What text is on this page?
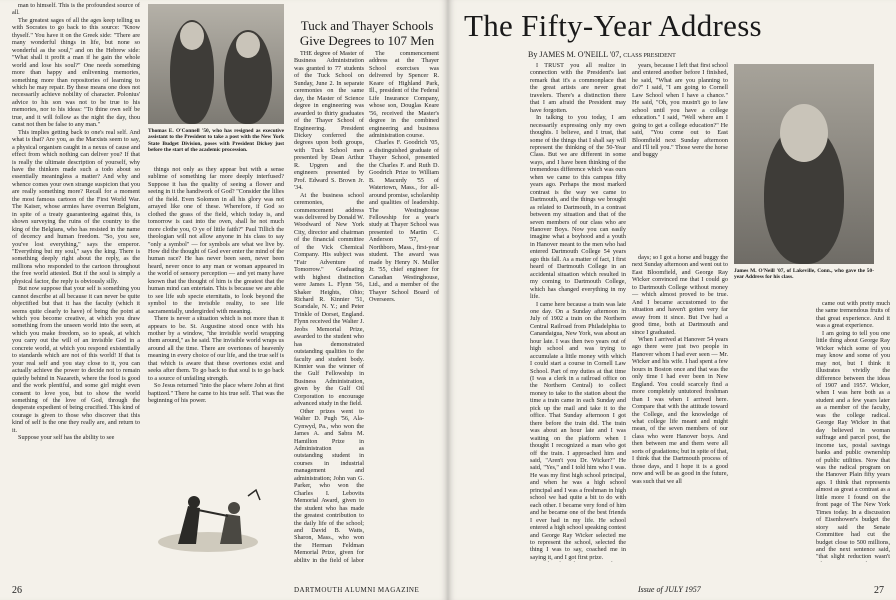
man to himself. This is the profoundest source of all.

The greatest sages of all the ages keep telling us with Socrates to go back to this source: "Know thyself." You have it on the Greek side: "There are many wonderful things in life, but none so wonderful as the soul," and on the Hebrew side: "What shall it profit a man if he gain the whole world and lose his soul?" One needs something more than happy and enlivening memories, something more than repositories of learning to which he may repair. By these means one does not necessarily achieve nobility of character. Polonius' advice to his son was not to be true to his memories, nor to his ideas: "To thine own self be true, and it will follow as the night the day, thou canst not then be false to any man."

This implies getting back to one's real self. And what is that? Are you, as the Marxists seem to say, a physical organism caught in a nexus of cause and effect from which nothing can deliver you? If that is really the ultimate description of yourself, why have the thinkers made such a todo about so essentially meaningless a matter? And why and whence comes your own strange suspicion that you are really something more? Recall for a moment the most famous cartoon of the First World War. The Kaiser, whose armies have overrun Belgium, in spite of a treaty guaranteeing against this, is shown surveying the ruins of the country to the king of the Belgians, who has resisted in the name of decency and human freedom. "So, you see, you've lost everything," says the emperor. "Everything but my soul," says the king. There is something deeply right about the reply, as the millions who responded to the cartoon throughout the free world attested. But if the soul is simply a physical factor, the reply is obviously silly.

But now suppose that your self is something you cannot describe at all because it can never be quite objectified but that it has the faculty (which it seems quite clearly to have) of being the point at which you become creative, at which you draw something from the unseen world into the seen, at which you make freedom, so to speak, at which you carry out the will of an invisible God in a concrete world, at which you respond existentially to standards which are not of this world! If that is your real self and you stay close to it, you can actually achieve the power to decide not to remain quietly behind in Nazareth, where the food is good and the work plentiful, and some girl might even consent to love you, but to show the world something of the love of God, through the desperate expedient of being crucified. This kind of courage is given to those who discover that this kind of self is the one they really are, and return to it.

Suppose your self has the ability to see

Thomas E. O'Connell '50, who has resigned as executive assistant to the President to take a post with the New York State Budget Division, poses with President Dickey just before the start of the academic procession.

things not only as they appear but with a sense sublime of something far more deeply interfused? Suppose it has the quality of seeing a flower and seeing in it the handiwork of God? "Consider the lilies of the field. Even Solomon in all his glory was not arrayed like one of these. Wherefore, if God so clothed the grass of the field, which today is, and tomorrow is cast into the oven, shall he not much more clothe you, O ye of little faith?" Paul Tillich the theologian will not allow anyone in his class to say "only a symbol" — for symbols are what we live by. How did the thought of God ever enter the mind of the human race? He has never been seen, never been heard, never once to any man or woman appeared in the world of sensory perception — and yet many have known that the thought of him is the greatest that the human mind can entertain. This is because we are able to see life sub specie eternitatis, to look beyond the symbol to the invisible reality, to see life sacramentally, undergirded with meaning.

There is never a situation which is not more than it appears to be. St. Augustine stood once with his mother by a window, "the invisible world wrapping them around," as he said. The invisible world wraps us around all the time. There are overtones of heavenly meaning in every choice of our life, and the true self is that which is aware that these overtones exist and seeks after them. To go back to that soul is to go back to a source of unfailing strength.

So Jesus returned "into the place where John at first baptized." There he came to his true self. That was the beginning of his power.

Tuck and Thayer Schools Give Degrees to 107 Men

THE degree of Master of Business Administration was granted to 77 students of the Tuck School on Sunday, June 2. In separate ceremonies on the same day, the Master of Science degree in engineering was awarded to thirty graduates of the Thayer School of Engineering. President Dickey conferred the degrees upon both groups, with Tuck School men presented by Dean Arthur R. Upgren and the engineers presented by Prof. Edward S. Brown Jr. '34.

At the business school ceremonies, the commencement address was delivered by Donald W. Woodward of New York City, director and chairman of the financial committee of the Vick Chemical Company. His subject was "Fair Adventure of Tomorrow." Graduating with highest distinction were James L. Flynn '56, Shaker Heights, Ohio; Richard R. Kinnier '51, Scarsdale, N. Y.; and Peter Trinkle of Dorset, England. Flynn received the Walter J. Jeobs Memorial Prize, awarded to the student who has demonstrated outstanding qualities to the faculty and student body. Kinnier was the winner of the Gulf Fellowship in Business Administration, given by the Gulf Oil Corporation to encourage advanced study in the field.

Other prizes went to Walter D. Pugh '56, Ala-Cynwyd, Pa., who won the James A. and Sabra M. Hamilton Prize in Administration as outstanding student in courses in industrial management and administration; John van G. Parker, who won the Charles I. Lebovits Memorial Award, given to the student who has made the greatest contribution to the daily life of the school; and David B. Watts, Sharon, Mass., who won the Herman Feldman Memorial Prize, given for ability in the field of labor

The commencement address at the Thayer School exercises was delivered by Spencer R. Keare of Highland Park, Ill., president of the Federal Life Insurance Company, whose son, Douglas Keare '56, received the Master's degree in the combined engineering and business administration course.

Charles F. Goodrich '05, a distinguished graduate of Thayer School, presented the Charles F. and Ruth D. Goodrich Prize to William B. Macurdy '55 of Watertown, Mass., for all-around promise, scholarship and qualities of leadership. The Westinghouse Fellowship for a year's study at Thayer School was presented to Martin C. Anderson '57, of Northboro, Mass., first-year student. The award was made by Henry N. Muller Jr. '55, chief engineer for Canadian Westinghouse, Ltd., and a member of the Thayer School Board of Overseers.

26	DARTMOUTH ALUMNI MAGAZINE
The Fifty-Year Address
By JAMES M. O'NEILL '07, CLASS PRESIDENT

I TRUST you all realize in connection with the President's last remark that it's a commonplace that the great artists are never great travelers. There's a distinction there that I am afraid the President may have forgotten.

In talking to you today, I am necessarily expressing only my own thoughts. I believe, and I trust, that some of the things that I shall say will represent the thinking of the 50-Year Class. But we are different in some ways, and I have been thinking of the tremendous difference which was ours when we came to this campus fifty years ago. Perhaps the most marked contrast is the way we came to Dartmouth, and the things we brought as related to Dartmouth, in a contrast between my situation and that of the seven members of our class who are Hanover Boys. Now you can easily imagine what a boyhood and a youth in Hanover meant to the men who had entered Dartmouth College 54 years ago this fall. As a matter of fact, I first heard of Dartmouth College in an accidental situation which resulted in my coming to Dartmouth College, which has changed everything in my life.

I came here because a train was late one day. On a Sunday afternoon in July of 1902 a train on the Northern Central Railroad from Philadelphia to Canandaigua, New York, was about an hour late. I was then two years out of high school and was trying to accumulate a little money with which I could start a course in Cornell Law School. Part of my duties at that time (I was a clerk in a railroad office on the Northern Central) to collect money to take to the station about the time a train came in each Sunday and pick up the mail and take it to the office. That Sunday afternoon I got there before the train did. The train was about an hour late and I was waiting on the platform when I thought I recognized a man who got off the train. I approached him and said, "Aren't you Dr. Wicker?" He said, "Yes," and I told him who I was. He was my first high school principal, and when he was a high school principal and I was a freshman in high school we had quite a bit to do with each other. I became very fond of him and he became one of the best friends I ever had in my life. He school entered a high school speaking contest and George Ray Wicker selected me to represent the school, selected the thing I was to say, coached me in saying it, and I got first prize.

years, because I left that first school and entered another before I finished, he said, "What are you planning to do?" I said, "I am going to Cornell Law School when I have a chance." He said, "Oh, you mustn't go to law school until you have a college education." I said, "Well where am I going to get a college education?" He said, "You come out to East Bloomfield next Sunday afternoon and I'll tell you." Those were the horse and buggy

days; so I got a horse and buggy the next Sunday afternoon and went out to East Bloomfield, and George Ray Wicker convinced me that I could go to Dartmouth College without money — which almost proved to be true. And I became accustomed to the situation and haven't gotten very far away from it since. But I've had a good time, both at Dartmouth and since I graduated.

When I arrived at Hanover 54 years ago there were just two people in Hanover whom I had ever seen — Mr. Wicker and his wife. I had spent a few hours in Boston once and that was the only time I had ever been in New England. You could scarcely find a more completely untutored freshman than I was when I arrived here. Compare that with the attitude toward the College, and the knowledge of what college life meant and might mean, of the seven members of our class who were Hanover boys. And then between me and them were all sorts of gradations; but in spite of that, I think that the Dartmouth process of those days, and I hope it is a good now and will be as good in the future, was such that we all

James M. O'Neill '07, of Lakeville, Conn., who gave the 50-year Address for his class.

came out with pretty much the same tremendous fruits of that great experience. And it was a great experience.

I am going to tell you one little thing about George Ray Wicker which some of you may know and some of you may not, but I think it illustrates vividly the difference between the ideas of 1907 and 1957. Wicker, when I was here both as a student and a few years later as a member of the faculty, was the college radical. George Ray Wicker in that day believed in woman suffrage and parcel post, the income tax, postal savings banks and public ownership of public utilities. Now that was the radical program on the Hanover Plain fifty years ago. I think that represents almost as great a contrast as a little more I found on the front page of The New York Times today. In a discussion of Eisenhower's budget the story said the Senate Committee had cut the budget close to 500 millions, and the next sentence said, "that slight reduction wasn't

Issue of JULY 1957	27
